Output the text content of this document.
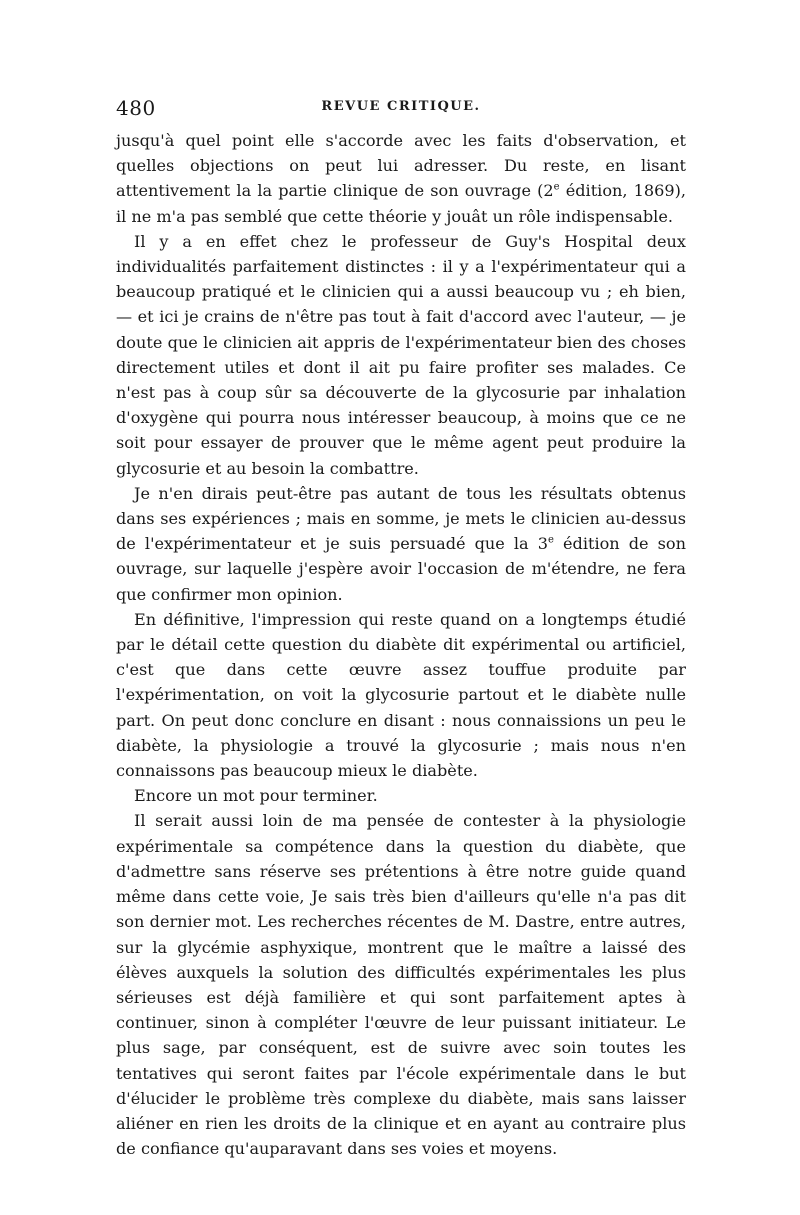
480	REVUE CRITIQUE.

jusqu'à quel point elle s'accorde avec les faits d'observation, et quelles objections on peut lui adresser. Du reste, en lisant attentivement la la partie clinique de son ouvrage (2e édition, 1869), il ne m'a pas semblé que cette théorie y jouât un rôle indispensable.

Il y a en effet chez le professeur de Guy's Hospital deux individualités parfaitement distinctes : il y a l'expérimentateur qui a beaucoup pratiqué et le clinicien qui a aussi beaucoup vu ; eh bien, — et ici je crains de n'être pas tout à fait d'accord avec l'auteur, — je doute que le clinicien ait appris de l'expérimentateur bien des choses directement utiles et dont il ait pu faire profiter ses malades. Ce n'est pas à coup sûr sa découverte de la glycosurie par inhalation d'oxygène qui pourra nous intéresser beaucoup, à moins que ce ne soit pour essayer de prouver que le même agent peut produire la glycosurie et au besoin la combattre.

Je n'en dirais peut-être pas autant de tous les résultats obtenus dans ses expériences ; mais en somme, je mets le clinicien au-dessus de l'expérimentateur et je suis persuadé que la 3e édition de son ouvrage, sur laquelle j'espère avoir l'occasion de m'étendre, ne fera que confirmer mon opinion.

En définitive, l'impression qui reste quand on a longtemps étudié par le détail cette question du diabète dit expérimental ou artificiel, c'est que dans cette œuvre assez touffue produite par l'expérimentation, on voit la glycosurie partout et le diabète nulle part. On peut donc conclure en disant : nous connaissions un peu le diabète, la physiologie a trouvé la glycosurie ; mais nous n'en connaissons pas beaucoup mieux le diabète.

Encore un mot pour terminer.

Il serait aussi loin de ma pensée de contester à la physiologie expérimentale sa compétence dans la question du diabète, que d'admettre sans réserve ses prétentions à être notre guide quand même dans cette voie, Je sais très bien d'ailleurs qu'elle n'a pas dit son dernier mot. Les recherches récentes de M. Dastre, entre autres, sur la glycémie asphyxique, montrent que le maître a laissé des élèves auxquels la solution des difficultés expérimentales les plus sérieuses est déjà familière et qui sont parfaitement aptes à continuer, sinon à compléter l'œuvre de leur puissant initiateur. Le plus sage, par conséquent, est de suivre avec soin toutes les tentatives qui seront faites par l'école expérimentale dans le but d'élucider le problème très complexe du diabète, mais sans laisser aliéner en rien les droits de la clinique et en ayant au contraire plus de confiance qu'auparavant dans ses voies et moyens.
